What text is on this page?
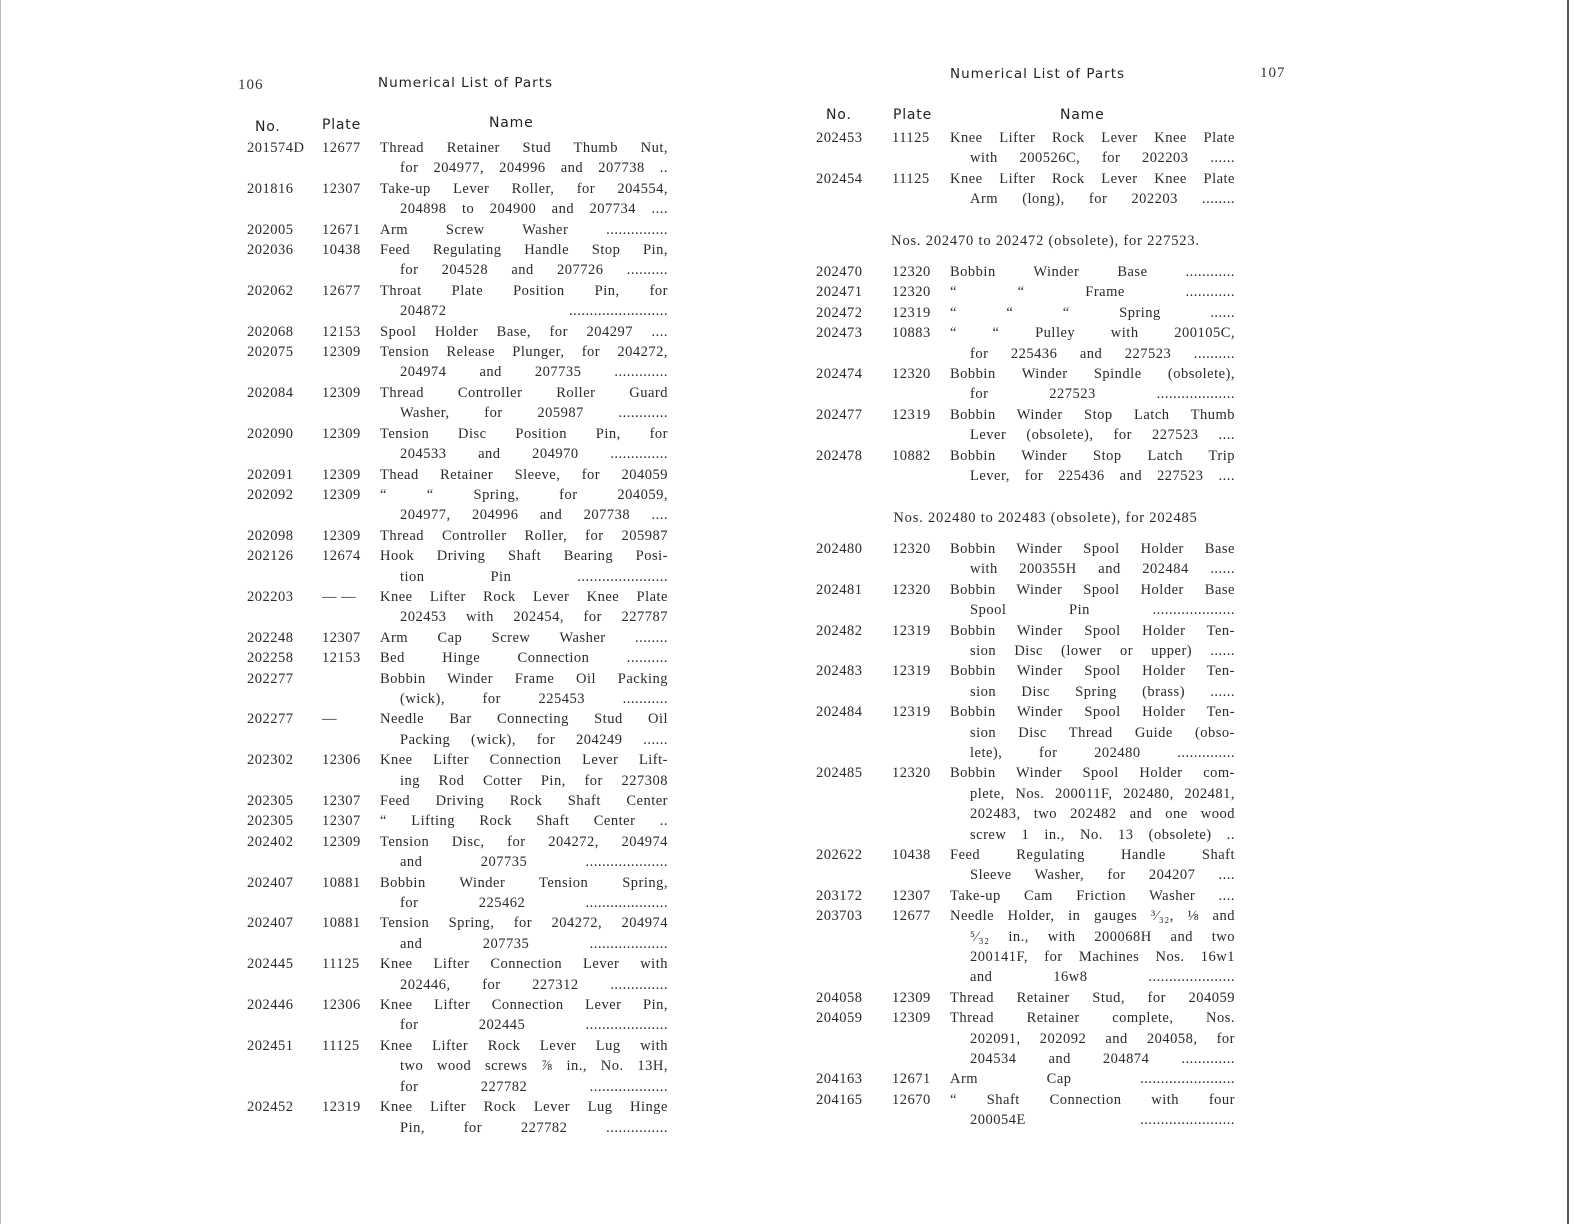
106	Numerical List of Parts
No.	Plate	Name
201574D 12677 Thread Retainer Stud Thumb Nut,
for 204977, 204996 and 207738 ..
201816 12307 Take-up Lever Roller, for 204554,
204898 to 204900 and 207734 ....
202005 12671 Arm Screw Washer ...............
202036 10438 Feed Regulating Handle Stop Pin,
for 204528 and 207726 ..........
202062 12677 Throat Plate Position Pin, for
204872 ........................
202068 12153 Spool Holder Base, for 204297 ....
202075 12309 Tension Release Plunger, for 204272,
204974 and 207735 .............
202084 12309 Thread Controller Roller Guard
Washer, for 205987 ............
202090 12309 Tension Disc Position Pin, for
204533 and 204970 ..............
202091 12309 Thead Retainer Sleeve, for 204059
202092 12309 “ “ Spring, for 204059,
204977, 204996 and 207738 ....
202098 12309 Thread Controller Roller, for 205987
202126 12674 Hook Driving Shaft Bearing Posi-
tion Pin ......................
202203 — — Knee Lifter Rock Lever Knee Plate
202453 with 202454, for 227787
202248 12307 Arm Cap Screw Washer ........
202258 12153 Bed Hinge Connection ..........
202277	Bobbin Winder Frame Oil Packing
(wick), for 225453 ...........
202277 —	Needle Bar Connecting Stud Oil
Packing (wick), for 204249 ......
202302 12306 Knee Lifter Connection Lever Lift-
ing Rod Cotter Pin, for 227308
202305 12307 Feed Driving Rock Shaft Center
202305 12307 “ Lifting Rock Shaft Center ..
202402 12309 Tension Disc, for 204272, 204974
and 207735 ....................
202407 10881 Bobbin Winder Tension Spring,
for 225462 ....................
202407 10881 Tension Spring, for 204272, 204974
and 207735 ...................
202445 11125 Knee Lifter Connection Lever with
202446, for 227312 ..............
202446 12306 Knee Lifter Connection Lever Pin,
for 202445 ....................
202451 11125 Knee Lifter Rock Lever Lug with
two wood screws ⅞ in., No. 13H,
for 227782 ...................
202452 12319 Knee Lifter Rock Lever Lug Hinge
Pin, for 227782 ...............
Numerical List of Parts	107
No.	Plate	Name
202453 11125 Knee Lifter Rock Lever Knee Plate
with 200526C, for 202203 ......
202454 11125 Knee Lifter Rock Lever Knee Plate
Arm (long), for 202203 ........
Nos. 202470 to 202472 (obsolete), for 227523.
202470 12320 Bobbin Winder Base ............
202471 12320 “ “ Frame ............
202472 12319 “ “ “ Spring ......
202473 10883 “ “ Pulley with 200105C,
for 225436 and 227523 ..........
202474 12320 Bobbin Winder Spindle (obsolete),
for 227523 ...................
202477 12319 Bobbin Winder Stop Latch Thumb
Lever (obsolete), for 227523 ....
202478 10882 Bobbin Winder Stop Latch Trip
Lever, for 225436 and 227523 ....
Nos. 202480 to 202483 (obsolete), for 202485
202480 12320 Bobbin Winder Spool Holder Base
with 200355H and 202484 ......
202481 12320 Bobbin Winder Spool Holder Base
Spool Pin ....................
202482 12319 Bobbin Winder Spool Holder Ten-
sion Disc (lower or upper) ......
202483 12319 Bobbin Winder Spool Holder Ten-
sion Disc Spring (brass) ......
202484 12319 Bobbin Winder Spool Holder Ten-
sion Disc Thread Guide (obso-
lete), for 202480 ..............
202485 12320 Bobbin Winder Spool Holder com-
plete, Nos. 200011F, 202480, 202481,
202483, two 202482 and one wood
screw 1 in., No. 13 (obsolete) ..
202622 10438 Feed Regulating Handle Shaft
Sleeve Washer, for 204207 ....
203172 12307 Take-up Cam Friction Washer ....
203703 12677 Needle Holder, in gauges ³⁄₃₂, ⅛ and
⁵⁄₃₂ in., with 200068H and two
200141F, for Machines Nos. 16w1
and 16w8 .....................
204058 12309 Thread Retainer Stud, for 204059
204059 12309 Thread Retainer complete, Nos.
202091, 202092 and 204058, for
204534 and 204874 .............
204163 12671 Arm Cap .......................
204165 12670 “ Shaft Connection with four
200054E .......................
